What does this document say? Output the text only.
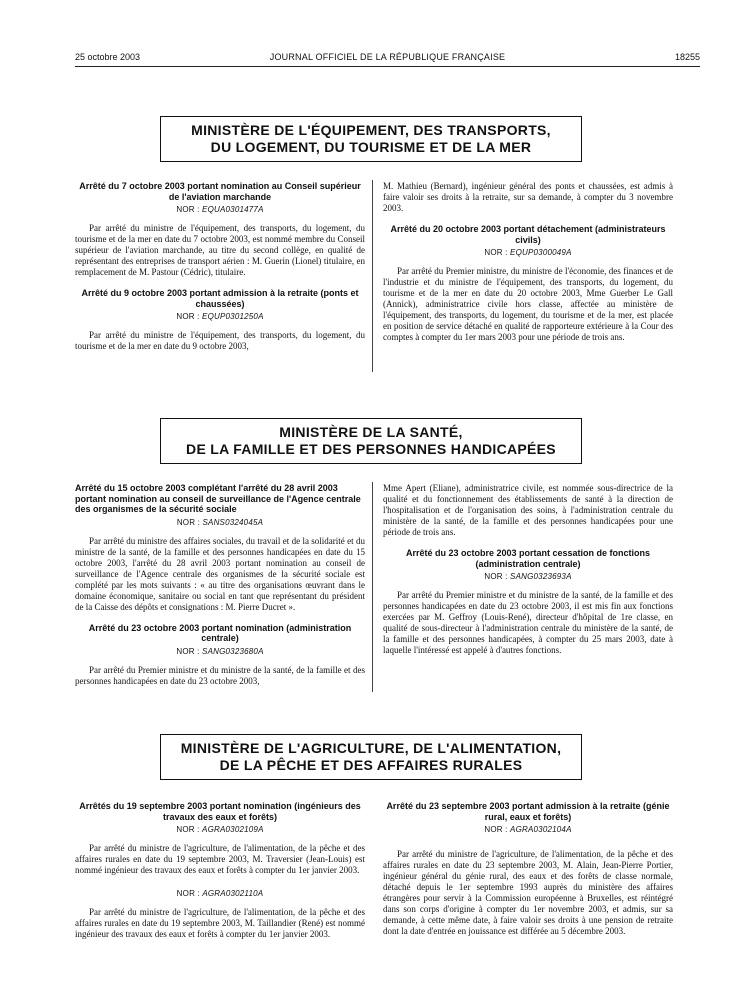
25 octobre 2003	JOURNAL OFFICIEL DE LA RÉPUBLIQUE FRANÇAISE	18255
MINISTÈRE DE L'ÉQUIPEMENT, DES TRANSPORTS,
DU LOGEMENT, DU TOURISME ET DE LA MER

Arrêté du 7 octobre 2003 portant nomination au Conseil supérieur de l'aviation marchande

NOR : EQUA0301477A

Par arrêté du ministre de l'équipement, des transports, du logement, du tourisme et de la mer en date du 7 octobre 2003, est nommé membre du Conseil supérieur de l'aviation marchande, au titre du second collège, en qualité de représentant des entreprises de transport aérien : M. Guerin (Lionel) titulaire, en remplacement de M. Pastour (Cédric), titulaire.

Arrêté du 9 octobre 2003 portant admission à la retraite (ponts et chaussées)

NOR : EQUP0301250A

Par arrêté du ministre de l'équipement, des transports, du logement, du tourisme et de la mer en date du 9 octobre 2003,

M. Mathieu (Bernard), ingénieur général des ponts et chaussées, est admis à faire valoir ses droits à la retraite, sur sa demande, à compter du 3 novembre 2003.

Arrêté du 20 octobre 2003 portant détachement (administrateurs civils)

NOR : EQUP0300049A

Par arrêté du Premier ministre, du ministre de l'économie, des finances et de l'industrie et du ministre de l'équipement, des transports, du logement, du tourisme et de la mer en date du 20 octobre 2003, Mme Guerber Le Gall (Annick), administratrice civile hors classe, affectée au ministère de l'équipement, des transports, du logement, du tourisme et de la mer, est placée en position de service détaché en qualité de rapporteure extérieure à la Cour des comptes à compter du 1er mars 2003 pour une période de trois ans.

MINISTÈRE DE LA SANTÉ,
DE LA FAMILLE ET DES PERSONNES HANDICAPÉES

Arrêté du 15 octobre 2003 complétant l'arrêté du 28 avril 2003 portant nomination au conseil de surveillance de l'Agence centrale des organismes de la sécurité sociale

NOR : SANS0324045A

Par arrêté du ministre des affaires sociales, du travail et de la solidarité et du ministre de la santé, de la famille et des personnes handicapées en date du 15 octobre 2003, l'arrêté du 28 avril 2003 portant nomination au conseil de surveillance de l'Agence centrale des organismes de la sécurité sociale est complété par les mots suivants : « au titre des organisations œuvrant dans le domaine économique, sanitaire ou social en tant que représentant du président de la Caisse des dépôts et consignations : M. Pierre Ducret ».

Arrêté du 23 octobre 2003 portant nomination (administration centrale)

NOR : SANG0323680A

Par arrêté du Premier ministre et du ministre de la santé, de la famille et des personnes handicapées en date du 23 octobre 2003,

Mme Apert (Eliane), administratrice civile, est nommée sous-directrice de la qualité et du fonctionnement des établissements de santé à la direction de l'hospitalisation et de l'organisation des soins, à l'administration centrale du ministère de la santé, de la famille et des personnes handicapées pour une période de trois ans.

Arrêté du 23 octobre 2003 portant cessation de fonctions (administration centrale)

NOR : SANG0323693A

Par arrêté du Premier ministre et du ministre de la santé, de la famille et des personnes handicapées en date du 23 octobre 2003, il est mis fin aux fonctions exercées par M. Geffroy (Louis-René), directeur d'hôpital de 1re classe, en qualité de sous-directeur à l'administration centrale du ministère de la santé, de la famille et des personnes handicapées, à compter du 25 mars 2003, date à laquelle l'intéressé est appelé à d'autres fonctions.

MINISTÈRE DE L'AGRICULTURE, DE L'ALIMENTATION,
DE LA PÊCHE ET DES AFFAIRES RURALES

Arrêtés du 19 septembre 2003 portant nomination (ingénieurs des travaux des eaux et forêts)

NOR : AGRA0302109A

Par arrêté du ministre de l'agriculture, de l'alimentation, de la pêche et des affaires rurales en date du 19 septembre 2003, M. Traversier (Jean-Louis) est nommé ingénieur des travaux des eaux et forêts à compter du 1er janvier 2003.

NOR : AGRA0302110A

Par arrêté du ministre de l'agriculture, de l'alimentation, de la pêche et des affaires rurales en date du 19 septembre 2003, M. Taillandier (René) est nommé ingénieur des travaux des eaux et forêts à compter du 1er janvier 2003.

Arrêté du 23 septembre 2003 portant admission à la retraite (génie rural, eaux et forêts)

NOR : AGRA0302104A

Par arrêté du ministre de l'agriculture, de l'alimentation, de la pêche et des affaires rurales en date du 23 septembre 2003, M. Alain, Jean-Pierre Portier, ingénieur général du génie rural, des eaux et des forêts de classe normale, détaché depuis le 1er septembre 1993 auprès du ministère des affaires étrangères pour servir à la Commission européenne à Bruxelles, est réintégré dans son corps d'origine à compter du 1er novembre 2003, et admis, sur sa demande, à cette même date, à faire valoir ses droits à une pension de retraite dont la date d'entrée en jouissance est différée au 5 décembre 2003.
